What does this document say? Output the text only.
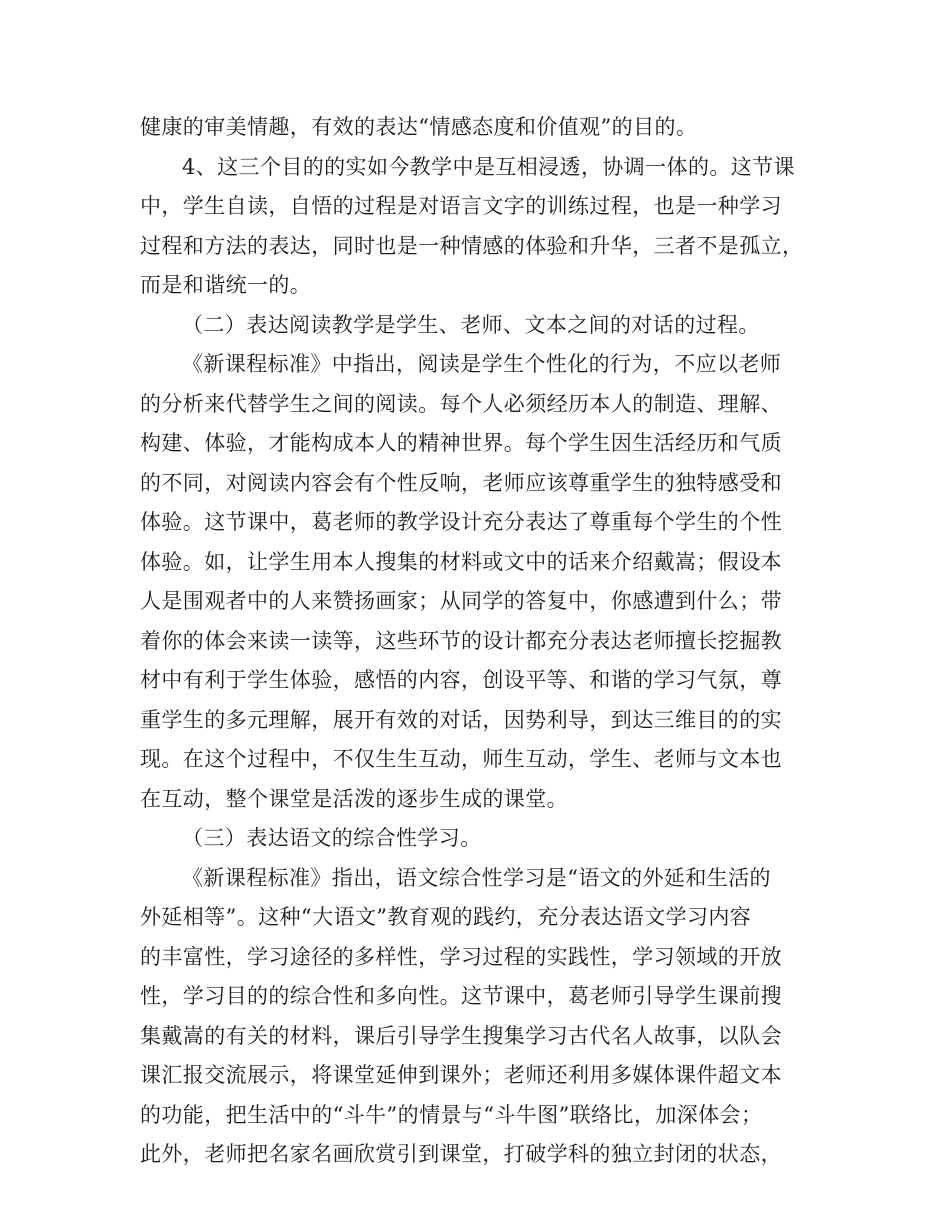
健康的审美情趣，有效的表达“情感态度和价值观”的目的。
4、这三个目的的实如今教学中是互相浸透，协调一体的。这节课
中，学生自读，自悟的过程是对语言文字的训练过程，也是一种学习
过程和方法的表达，同时也是一种情感的体验和升华，三者不是孤立，
而是和谐统一的。
（二）表达阅读教学是学生、老师、文本之间的对话的过程。
《新课程标准》中指出，阅读是学生个性化的行为，不应以老师
的分析来代替学生之间的阅读。每个人必须经历本人的制造、理解、
构建、体验，才能构成本人的精神世界。每个学生因生活经历和气质
的不同，对阅读内容会有个性反响，老师应该尊重学生的独特感受和
体验。这节课中，葛老师的教学设计充分表达了尊重每个学生的个性
体验。如，让学生用本人搜集的材料或文中的话来介绍戴嵩；假设本
人是围观者中的人来赞扬画家；从同学的答复中，你感遭到什么；带
着你的体会来读一读等，这些环节的设计都充分表达老师擅长挖掘教
材中有利于学生体验，感悟的内容，创设平等、和谐的学习气氛，尊
重学生的多元理解，展开有效的对话，因势利导，到达三维目的的实
现。在这个过程中，不仅生生互动，师生互动，学生、老师与文本也
在互动，整个课堂是活泼的逐步生成的课堂。
（三）表达语文的综合性学习。
《新课程标准》指出，语文综合性学习是“语文的外延和生活的
外延相等”。这种“大语文”教育观的践约，充分表达语文学习内容
的丰富性，学习途径的多样性，学习过程的实践性，学习领域的开放
性，学习目的的综合性和多向性。这节课中，葛老师引导学生课前搜
集戴嵩的有关的材料，课后引导学生搜集学习古代名人故事，以队会
课汇报交流展示，将课堂延伸到课外；老师还利用多媒体课件超文本
的功能，把生活中的“斗牛”的情景与“斗牛图”联络比，加深体会；
此外，老师把名家名画欣赏引到课堂，打破学科的独立封闭的状态，
